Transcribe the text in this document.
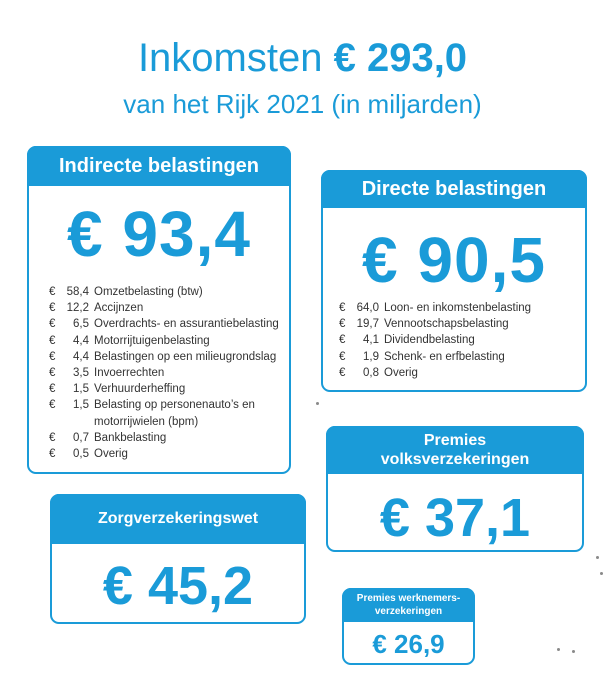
Inkomsten € 293,0
van het Rijk 2021 (in miljarden)
Indirecte belastingen
€ 93,4
€ 58,4 Omzetbelasting (btw)
€ 12,2 Accijnzen
€	6,5 Overdrachts- en assurantiebelasting
€	4,4 Motorrijtuigenbelasting
€	4,4 Belastingen op een milieugrondslag
€	3,5 Invoerrechten
€	1,5 Verhuurderheffing
€	1,5 Belasting op personenauto’s en motorrijwielen (bpm)
€	0,7 Bankbelasting
€	0,5 Overig
Directe belastingen
€ 90,5
€ 64,0 Loon- en inkomstenbelasting
€ 19,7 Vennootschapsbelasting
€	4,1 Dividendbelasting
€	1,9 Schenk- en erfbelasting
€	0,8 Overig
Premies volksverzekeringen
€ 37,1
Zorgverzekeringswet
€ 45,2	Premies werknemers-verzekeringen
€ 26,9
